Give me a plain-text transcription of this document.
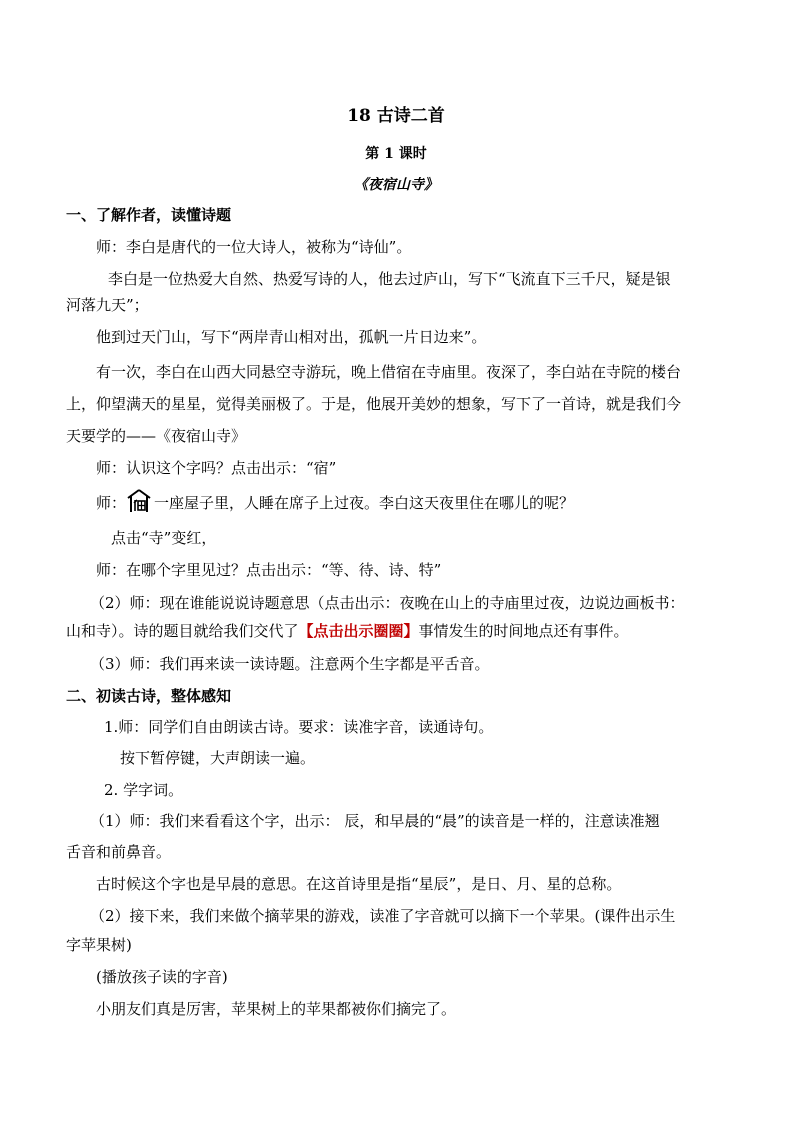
18 古诗二首
第 1 课时
《夜宿山寺》
一、了解作者，读懂诗题
师：李白是唐代的一位大诗人，被称为“诗仙”。
李白是一位热爱大自然、热爱写诗的人，他去过庐山，写下“飞流直下三千尺，疑是银
河落九天”；
他到过天门山，写下“两岸青山相对出，孤帆一片日边来”。
有一次，李白在山西大同悬空寺游玩，晚上借宿在寺庙里。夜深了，李白站在寺院的楼台
上，仰望满天的星星，觉得美丽极了。于是，他展开美妙的想象，写下了一首诗，就是我们今
天要学的——《夜宿山寺》
师：认识这个字吗？点击出示：“宿”
师： 一座屋子里，人睡在席子上过夜。李白这天夜里住在哪儿的呢？
点击“寺”变红，
师：在哪个字里见过？点击出示：“等、待、诗、特”
（2）师：现在谁能说说诗题意思（点击出示：夜晚在山上的寺庙里过夜，边说边画板书：
山和寺）。诗的题目就给我们交代了【点击出示圈圈】事情发生的时间地点还有事件。
（3）师：我们再来读一读诗题。注意两个生字都是平舌音。
二、初读古诗，整体感知
1.师：同学们自由朗读古诗。要求：读准字音，读通诗句。
按下暂停键，大声朗读一遍。
2. 学字词。
（1）师：我们来看看这个字，出示： 辰，和早晨的“晨”的读音是一样的，注意读准翘
舌音和前鼻音。
古时候这个字也是早晨的意思。在这首诗里是指“星辰”，是日、月、星的总称。
（2）接下来，我们来做个摘苹果的游戏，读准了字音就可以摘下一个苹果。(课件出示生
字苹果树)
(播放孩子读的字音)
小朋友们真是厉害，苹果树上的苹果都被你们摘完了。
